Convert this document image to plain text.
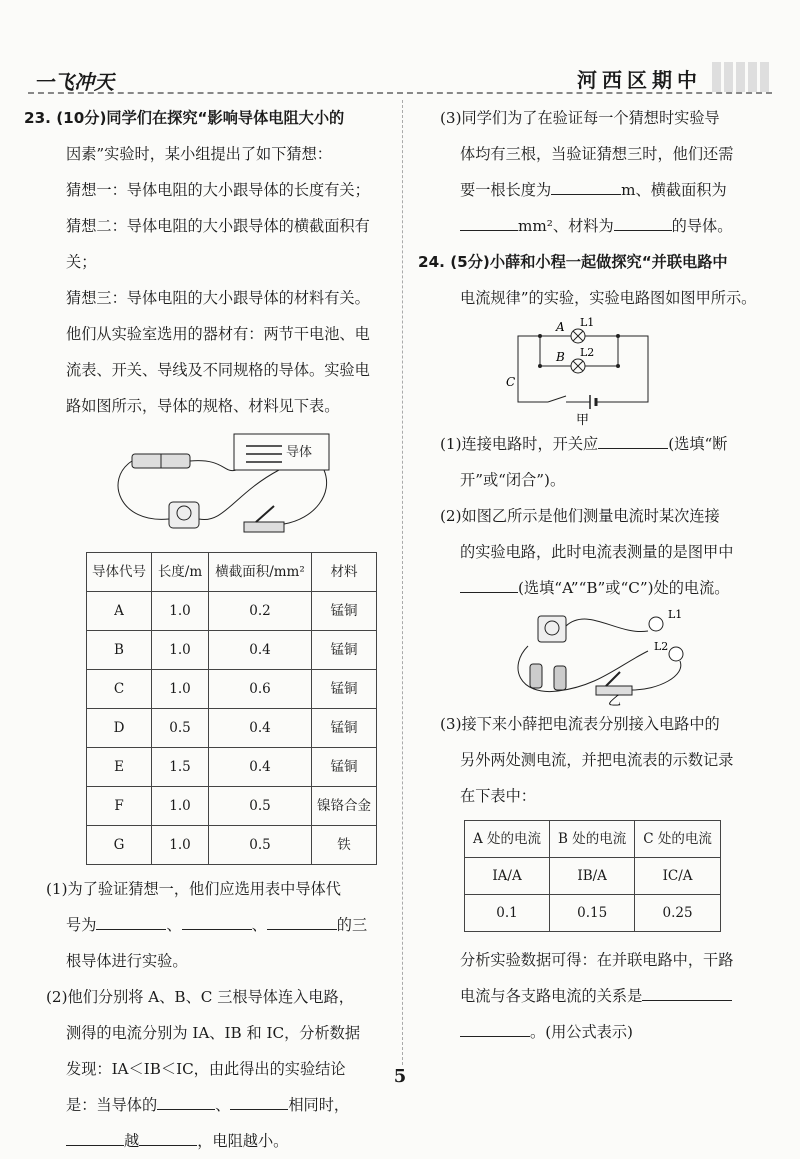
一飞冲天	河西区期中

23. (10分)同学们在探究“影响导体电阻大小的

因素”实验时，某小组提出了如下猜想：

猜想一：导体电阻的大小跟导体的长度有关；

猜想二：导体电阻的大小跟导体的横截面积有关；

猜想三：导体电阻的大小跟导体的材料有关。

他们从实验室选用的器材有：两节干电池、电

流表、开关、导线及不同规格的导体。实验电

路如图所示，导体的规格、材料见下表。

导体
导体代号	长度/m	横截面积/mm²	材料
A	1.0	0.2	锰铜
B	1.0	0.4	锰铜
C	1.0	0.6	锰铜
D	0.5	0.4	锰铜
E	1.5	0.4	锰铜
F	1.0	0.5	镍铬合金
G	1.0	0.5	铁

(1)为了验证猜想一，他们应选用表中导体代

号为	、	、	的三

根导体进行实验。

(2)他们分别将 A、B、C 三根导体连入电路，

测得的电流分别为 IA、IB 和 IC，分析数据

发现：IA＜IB＜IC，由此得出的实验结论

是：当导体的	、	相同时，

越	，电阻越小。

(3)同学们为了在验证每一个猜想时实验导

体均有三根，当验证猜想三时，他们还需

要一根长度为	m、横截面积为

mm²、材料为	的导体。

24. (5分)小薛和小程一起做探究“并联电路中

电流规律”的实验，实验电路图如图甲所示。

A
B
C
L1
L2
甲

(1)连接电路时，开关应	(选填“断

开”或“闭合”)。

(2)如图乙所示是他们测量电流时某次连接

的实验电路，此时电流表测量的是图甲中

(选填“A”“B”或“C”)处的电流。

L1
L2
乙

(3)接下来小薛把电流表分别接入电路中的

另外两处测电流，并把电流表的示数记录

在下表中：

A 处的电流	B 处的电流	C 处的电流
IA/A	IB/A	IC/A
0.1	0.15	0.25

分析实验数据可得：在并联电路中，干路

电流与各支路电流的关系是

。(用公式表示)

5
